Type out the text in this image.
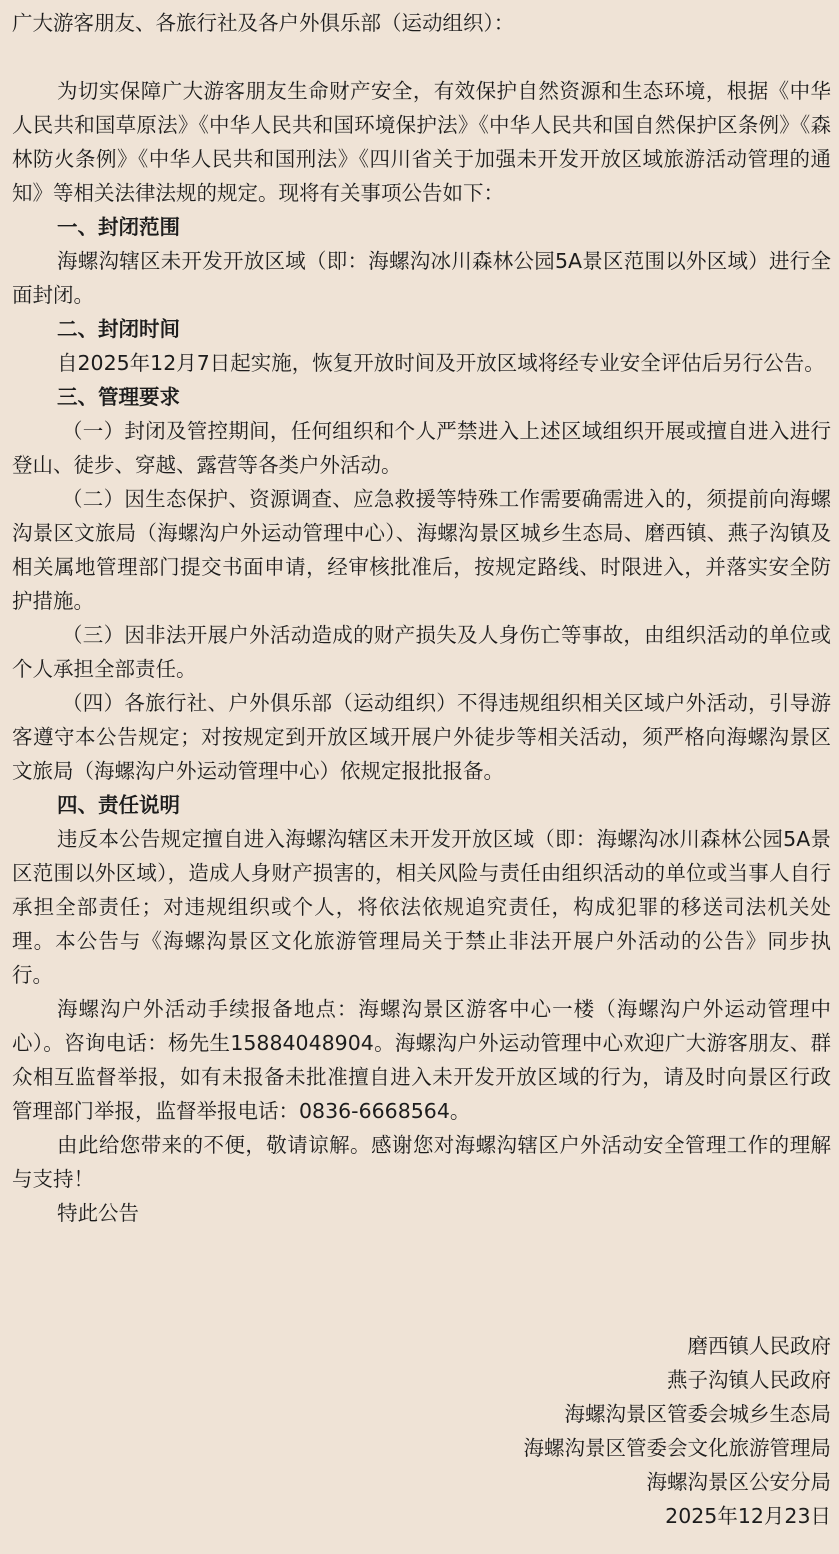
广大游客朋友、各旅行社及各户外俱乐部（运动组织）：

为切实保障广大游客朋友生命财产安全，有效保护自然资源和生态环境，根据《中华人民共和国草原法》《中华人民共和国环境保护法》《中华人民共和国自然保护区条例》《森林防火条例》《中华人民共和国刑法》《四川省关于加强未开发开放区域旅游活动管理的通知》等相关法律法规的规定。现将有关事项公告如下：

一、封闭范围

海螺沟辖区未开发开放区域（即：海螺沟冰川森林公园5A景区范围以外区域）进行全面封闭。

二、封闭时间

自2025年12月7日起实施，恢复开放时间及开放区域将经专业安全评估后另行公告。

三、管理要求

（一）封闭及管控期间，任何组织和个人严禁进入上述区域组织开展或擅自进入进行登山、徒步、穿越、露营等各类户外活动。

（二）因生态保护、资源调查、应急救援等特殊工作需要确需进入的，须提前向海螺沟景区文旅局（海螺沟户外运动管理中心）、海螺沟景区城乡生态局、磨西镇、燕子沟镇及相关属地管理部门提交书面申请，经审核批准后，按规定路线、时限进入，并落实安全防护措施。

（三）因非法开展户外活动造成的财产损失及人身伤亡等事故，由组织活动的单位或个人承担全部责任。

（四）各旅行社、户外俱乐部（运动组织）不得违规组织相关区域户外活动，引导游客遵守本公告规定；对按规定到开放区域开展户外徒步等相关活动，须严格向海螺沟景区文旅局（海螺沟户外运动管理中心）依规定报批报备。

四、责任说明

违反本公告规定擅自进入海螺沟辖区未开发开放区域（即：海螺沟冰川森林公园5A景区范围以外区域），造成人身财产损害的，相关风险与责任由组织活动的单位或当事人自行承担全部责任；对违规组织或个人，将依法依规追究责任，构成犯罪的移送司法机关处理。本公告与《海螺沟景区文化旅游管理局关于禁止非法开展户外活动的公告》同步执行。

海螺沟户外活动手续报备地点：海螺沟景区游客中心一楼（海螺沟户外运动管理中心）。咨询电话：杨先生15884048904。海螺沟户外运动管理中心欢迎广大游客朋友、群众相互监督举报，如有未报备未批准擅自进入未开发开放区域的行为，请及时向景区行政管理部门举报，监督举报电话：0836-6668564。

由此给您带来的不便，敬请谅解。感谢您对海螺沟辖区户外活动安全管理工作的理解与支持！

特此公告

磨西镇人民政府
燕子沟镇人民政府
海螺沟景区管委会城乡生态局
海螺沟景区管委会文化旅游管理局
海螺沟景区公安分局
2025年12月23日
